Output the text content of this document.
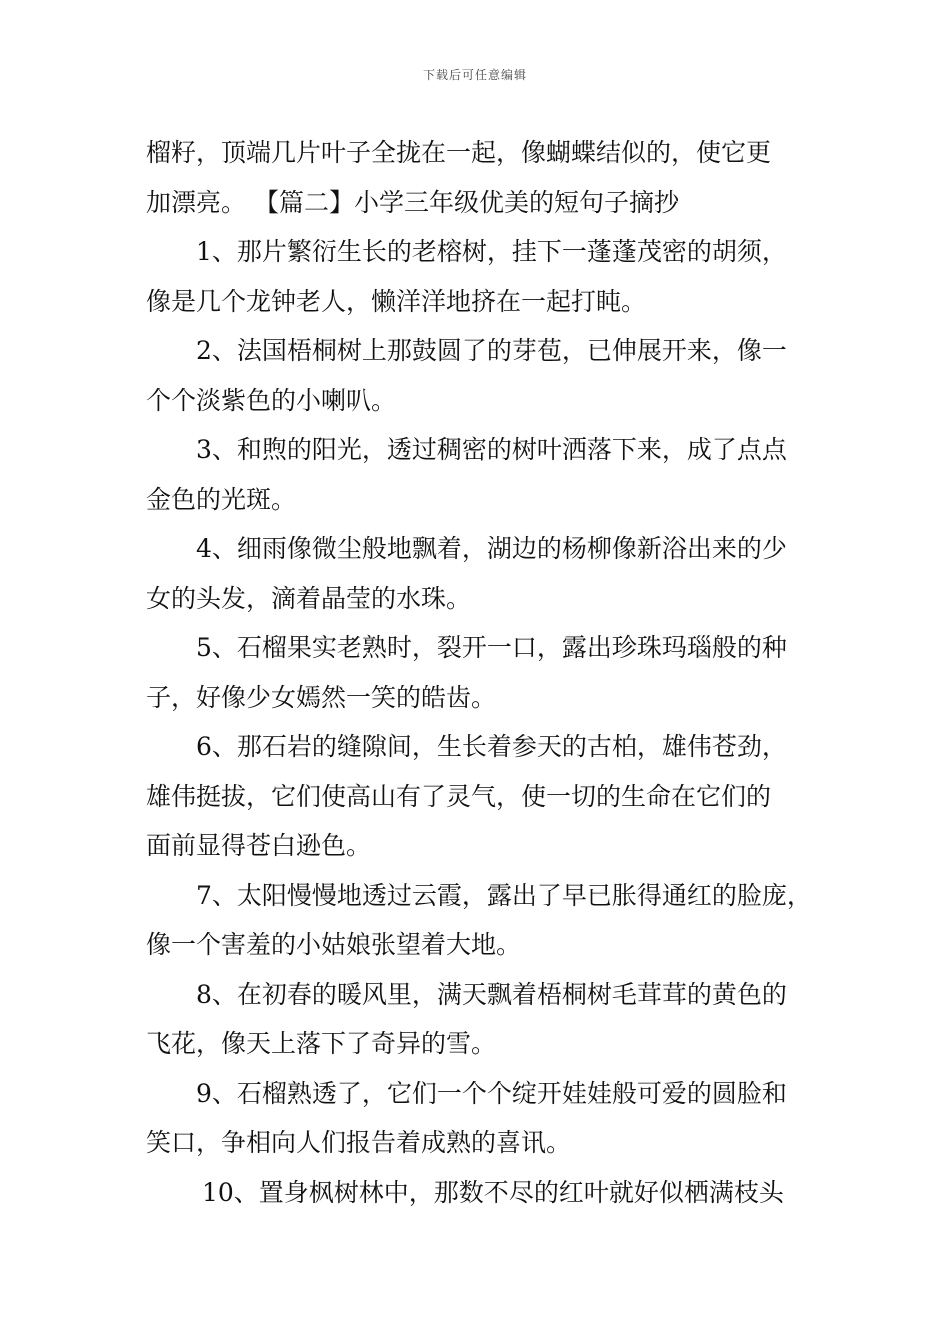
下载后可任意编辑
榴籽，顶端几片叶子全拢在一起，像蝴蝶结似的，使它更
加漂亮。 【篇二】小学三年级优美的短句子摘抄
1、那片繁衍生长的老榕树，挂下一蓬蓬茂密的胡须，
像是几个龙钟老人，懒洋洋地挤在一起打盹。
2、法国梧桐树上那鼓圆了的芽苞，已伸展开来，像一
个个淡紫色的小喇叭。
3、和煦的阳光，透过稠密的树叶洒落下来，成了点点
金色的光斑。
4、细雨像微尘般地飘着，湖边的杨柳像新浴出来的少
女的头发，滴着晶莹的水珠。
5、石榴果实老熟时，裂开一口，露出珍珠玛瑙般的种
子，好像少女嫣然一笑的皓齿。
6、那石岩的缝隙间，生长着参天的古柏，雄伟苍劲，
雄伟挺拔，它们使高山有了灵气，使一切的生命在它们的
面前显得苍白逊色。
7、太阳慢慢地透过云霞，露出了早已胀得通红的脸庞，
像一个害羞的小姑娘张望着大地。
8、在初春的暖风里，满天飘着梧桐树毛茸茸的黄色的
飞花，像天上落下了奇异的雪。
9、石榴熟透了，它们一个个绽开娃娃般可爱的圆脸和
笑口，争相向人们报告着成熟的喜讯。
10、置身枫树林中，那数不尽的红叶就好似栖满枝头
